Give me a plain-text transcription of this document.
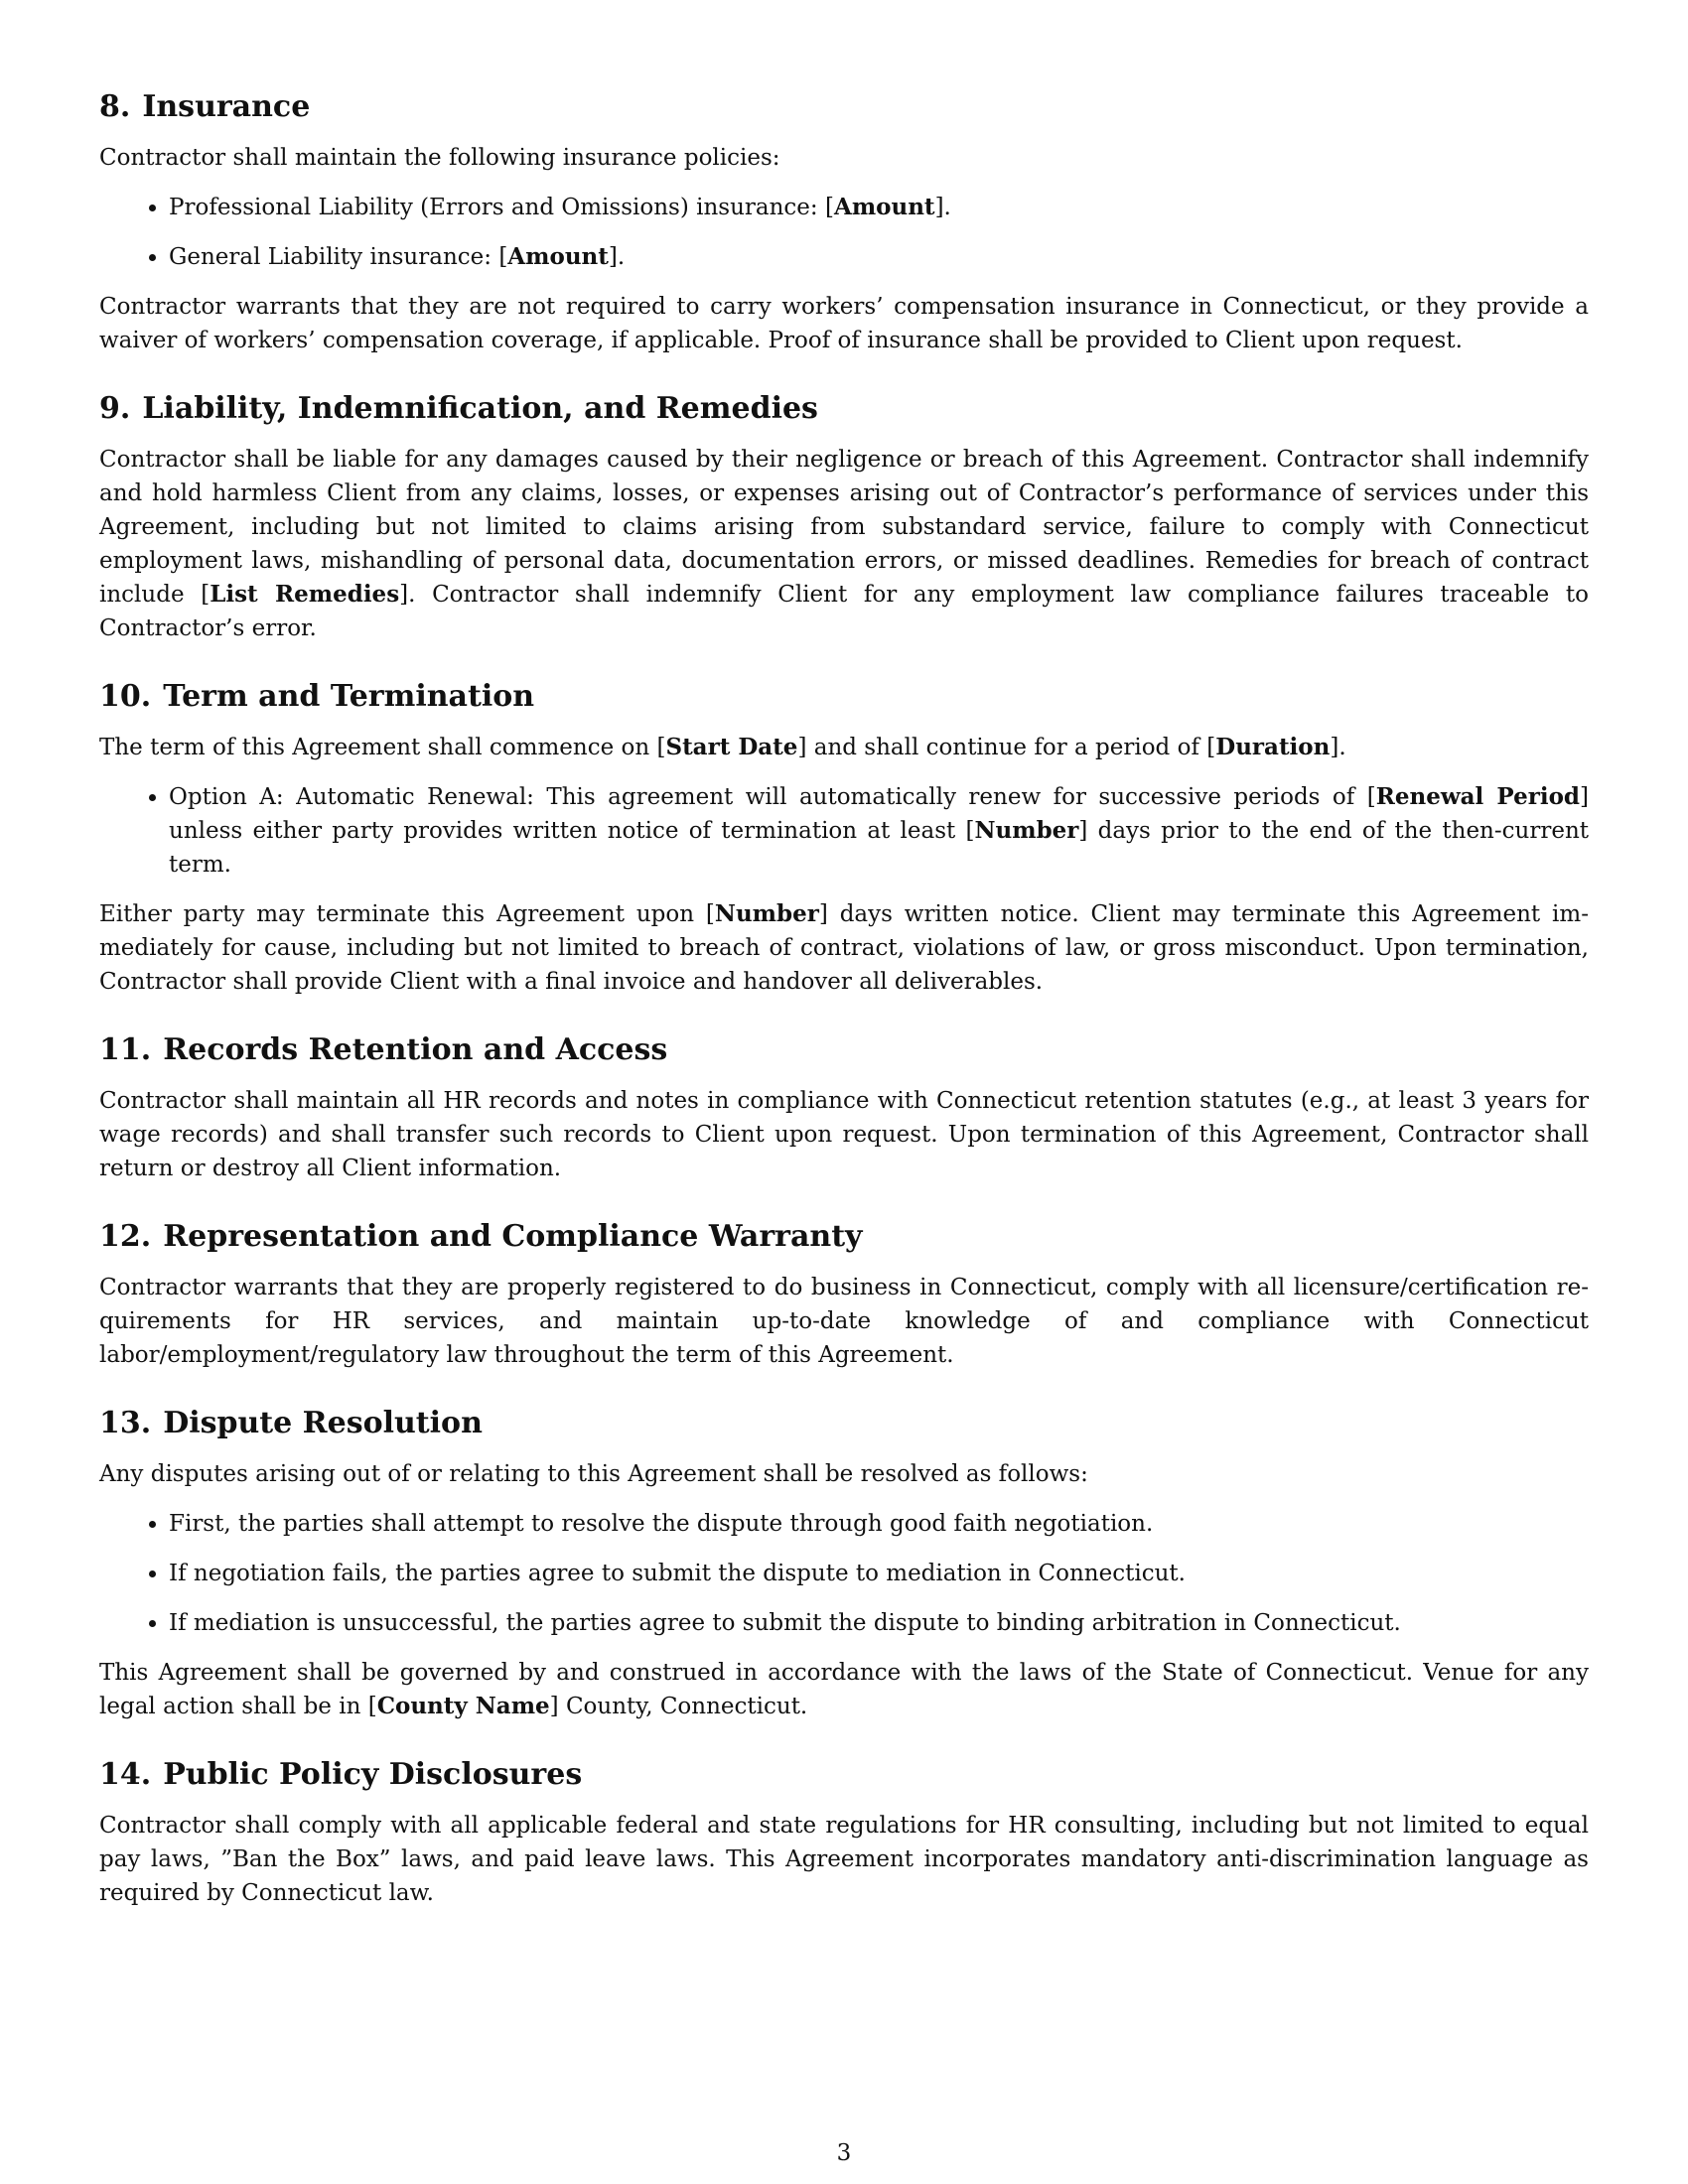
8. Insurance

Contractor shall maintain the following insurance policies:

• Professional Liability (Errors and Omissions) insurance: [Amount].
• General Liability insurance: [Amount].

Contractor warrants that they are not required to carry workers’ compensation insurance in Connecticut, or they provide a waiver of workers’ compensation coverage, if applicable. Proof of insurance shall be provided to Client upon request.

9. Liability, Indemnification, and Remedies

Contractor shall be liable for any damages caused by their negligence or breach of this Agreement. Contractor shall indemnify and hold harmless Client from any claims, losses, or expenses arising out of Contractor’s performance of services under this Agreement, including but not limited to claims arising from substandard service, failure to comply with Connecticut employment laws, mishandling of personal data, documentation errors, or missed deadlines. Remedies for breach of contract include [List Remedies]. Contractor shall indemnify Client for any employment law compliance failures traceable to Contractor’s error.

10. Term and Termination

The term of this Agreement shall commence on [Start Date] and shall continue for a period of [Duration].

• Option A: Automatic Renewal: This agreement will automatically renew for successive periods of [Renewal Period] unless either party provides written notice of termination at least [Number] days prior to the end of the then-current term.

Either party may terminate this Agreement upon [Number] days written notice. Client may terminate this Agreement immediately for cause, including but not limited to breach of contract, violations of law, or gross misconduct. Upon termination, Contractor shall provide Client with a final invoice and handover all deliverables.

11. Records Retention and Access

Contractor shall maintain all HR records and notes in compliance with Connecticut retention statutes (e.g., at least 3 years for wage records) and shall transfer such records to Client upon request. Upon termination of this Agreement, Contractor shall return or destroy all Client information.

12. Representation and Compliance Warranty

Contractor warrants that they are properly registered to do business in Connecticut, comply with all licensure/certification requirements for HR services, and maintain up-to-date knowledge of and compliance with Connecticut labor/employment/regulatory law throughout the term of this Agreement.

13. Dispute Resolution

Any disputes arising out of or relating to this Agreement shall be resolved as follows:

• First, the parties shall attempt to resolve the dispute through good faith negotiation.
• If negotiation fails, the parties agree to submit the dispute to mediation in Connecticut.
• If mediation is unsuccessful, the parties agree to submit the dispute to binding arbitration in Connecticut.

This Agreement shall be governed by and construed in accordance with the laws of the State of Connecticut. Venue for any legal action shall be in [County Name] County, Connecticut.

14. Public Policy Disclosures

Contractor shall comply with all applicable federal and state regulations for HR consulting, including but not limited to equal pay laws, ”Ban the Box” laws, and paid leave laws. This Agreement incorporates mandatory anti-discrimination language as required by Connecticut law.

3
